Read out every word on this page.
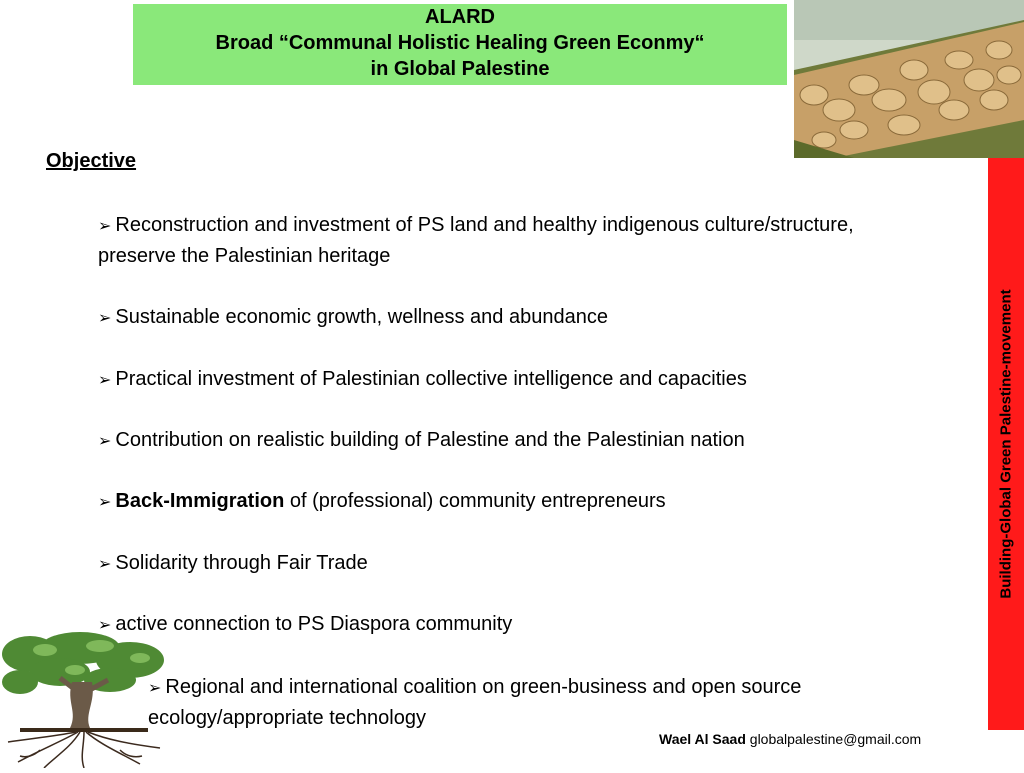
ALARD
Broad “Communal Holistic Healing Green Econmy“
in Global Palestine
Building-Global Green Palestine-movement
Objective
➢ Reconstruction and investment of PS land and healthy indigenous culture/structure, preserve the Palestinian heritage
➢ Sustainable economic growth, wellness and abundance
➢ Practical investment of Palestinian collective intelligence and capacities
➢ Contribution on realistic building of Palestine and the Palestinian nation
➢ Back-Immigration of (professional) community entrepreneurs
➢ Solidarity through Fair Trade
➢ active connection to PS Diaspora community
➢ Regional and international coalition on green-business and open source ecology/appropriate technology
Wael Al Saad globalpalestine@gmail.com
